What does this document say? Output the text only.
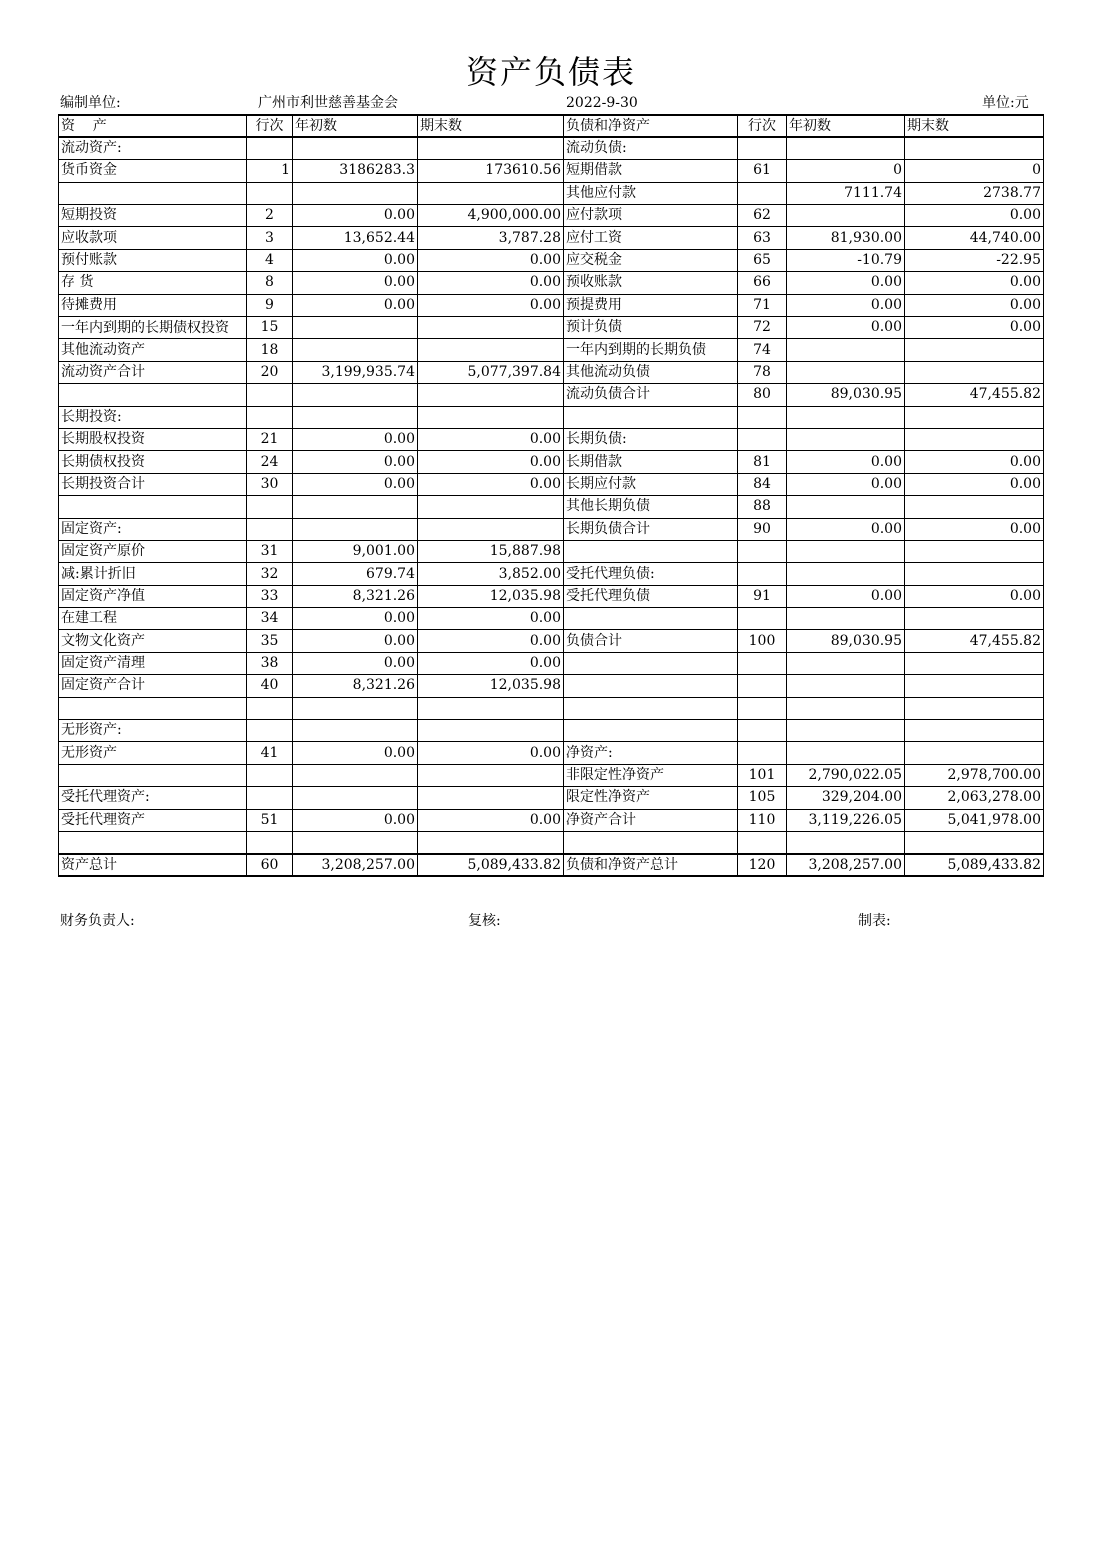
资产负债表
编制单位:	广州市利世慈善基金会	2022-9-30	单位:元
资    产	行次	年初数	期末数	负债和净资产	行次	年初数	期末数
流动资产:				流动负债:			
货币资金	1	3186283.3	173610.56	短期借款	61	0	0
				其他应付款		7111.74	2738.77
短期投资	2	0.00	4,900,000.00	应付款项	62		0.00
应收款项	3	13,652.44	3,787.28	应付工资	63	81,930.00	44,740.00
预付账款	4	0.00	0.00	应交税金	65	-10.79	-22.95
存 货	8	0.00	0.00	预收账款	66	0.00	0.00
待摊费用	9	0.00	0.00	预提费用	71	0.00	0.00
一年内到期的长期债权投资	15			预计负债	72	0.00	0.00
其他流动资产	18			一年内到期的长期负债	74		
流动资产合计	20	3,199,935.74	5,077,397.84	其他流动负债	78		
				流动负债合计	80	89,030.95	47,455.82
长期投资:							
长期股权投资	21	0.00	0.00	长期负债:			
长期债权投资	24	0.00	0.00	长期借款	81	0.00	0.00
长期投资合计	30	0.00	0.00	长期应付款	84	0.00	0.00
				其他长期负债	88		
固定资产:				长期负债合计	90	0.00	0.00
固定资产原价	31	9,001.00	15,887.98				
减:累计折旧	32	679.74	3,852.00	受托代理负债:			
固定资产净值	33	8,321.26	12,035.98	受托代理负债	91	0.00	0.00
在建工程	34	0.00	0.00				
文物文化资产	35	0.00	0.00	负债合计	100	89,030.95	47,455.82
固定资产清理	38	0.00	0.00				
固定资产合计	40	8,321.26	12,035.98				

无形资产:							
无形资产	41	0.00	0.00	净资产:			
				非限定性净资产	101	2,790,022.05	2,978,700.00
受托代理资产:				限定性净资产	105	329,204.00	2,063,278.00
受托代理资产	51	0.00	0.00	净资产合计	110	3,119,226.05	5,041,978.00

资产总计	60	3,208,257.00	5,089,433.82	负债和净资产总计	120	3,208,257.00	5,089,433.82
财务负责人:	复核:	制表:
